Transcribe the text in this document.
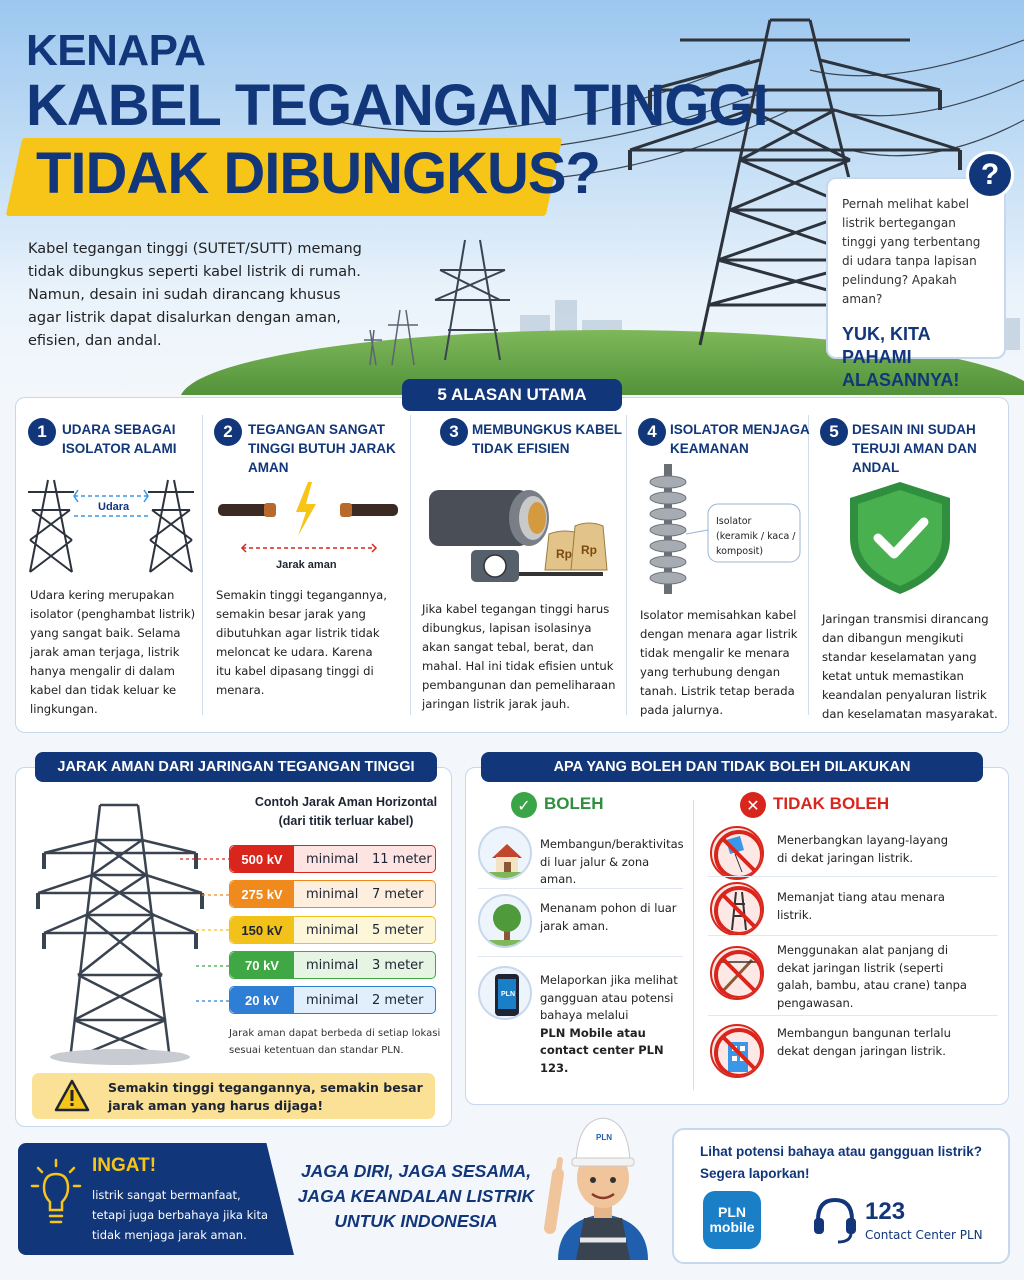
KENAPA
KABEL TEGANGAN TINGGI
TIDAK DIBUNGKUS?
Kabel tegangan tinggi (SUTET/SUTT) memang tidak dibungkus seperti kabel listrik di rumah. Namun, desain ini sudah dirancang khusus agar listrik dapat disalurkan dengan aman, efisien, dan andal.

Pernah melihat kabel listrik bertegangan tinggi yang terbentang di udara tanpa lapisan pelindung? Apakah aman?

YUK, KITA PAHAMI ALASANNYA!
?
5 ALASAN UTAMA
1	UDARA SEBAGAI ISOLATOR ALAMI
Udara
Udara kering merupakan isolator (penghambat listrik) yang sangat baik. Selama jarak aman terjaga, listrik hanya mengalir di dalam kabel dan tidak keluar ke lingkungan.
2	TEGANGAN SANGAT TINGGI BUTUH JARAK AMAN
Jarak aman
Semakin tinggi tegangannya, semakin besar jarak yang dibutuhkan agar listrik tidak meloncat ke udara. Karena itu kabel dipasang tinggi di menara.
3 MEMBUNGKUS KABEL TIDAK EFISIEN
Rp Rp
Jika kabel tegangan tinggi harus dibungkus, lapisan isolasinya akan sangat tebal, berat, dan mahal. Hal ini tidak efisien untuk pembangunan dan pemeliharaan jaringan listrik jarak jauh.
4 ISOLATOR MENJAGA KEAMANAN
Isolator (keramik / kaca / komposit)
Isolator memisahkan kabel dengan menara agar listrik tidak mengalir ke menara yang terhubung dengan tanah. Listrik tetap berada pada jalurnya.
5 DESAIN INI SUDAH TERUJI AMAN DAN ANDAL
Jaringan transmisi dirancang dan dibangun mengikuti standar keselamatan yang ketat untuk memastikan keandalan penyaluran listrik dan keselamatan masyarakat.
JARAK AMAN DARI JARINGAN TEGANGAN TINGGI
Contoh Jarak Aman Horizontal (dari titik terluar kabel)
500 kV	minimal	11 meter
275 kV	minimal	7 meter
150 kV	minimal	5 meter
70 kV	minimal	3 meter
20 kV	minimal	2 meter
Jarak aman dapat berbeda di setiap lokasi sesuai ketentuan dan standar PLN.
Semakin tinggi tegangannya, semakin besar jarak aman yang harus dijaga!
APA YANG BOLEH DAN TIDAK BOLEH DILAKUKAN
✓ BOLEH	✕ TIDAK BOLEH
Membangun/beraktivitas di luar jalur & zona aman.
Menanam pohon di luar jarak aman.
PLN
Melaporkan jika melihat gangguan atau potensi bahaya melalui
PLN Mobile atau contact center PLN 123.
Menerbangkan layang-layang di dekat jaringan listrik.
Memanjat tiang atau menara listrik.
Menggunakan alat panjang di dekat jaringan listrik (seperti galah, bambu, atau crane) tanpa pengawasan.
Membangun bangunan terlalu dekat dengan jaringan listrik.
INGAT!
listrik sangat bermanfaat, tetapi juga berbahaya jika kita tidak menjaga jarak aman.
JAGA DIRI, JAGA SESAMA, JAGA KEANDALAN LISTRIK UNTUK INDONESIA
PLN
Lihat potensi bahaya atau gangguan listrik? Segera laporkan!
PLN
mobile
123
Contact Center PLN
